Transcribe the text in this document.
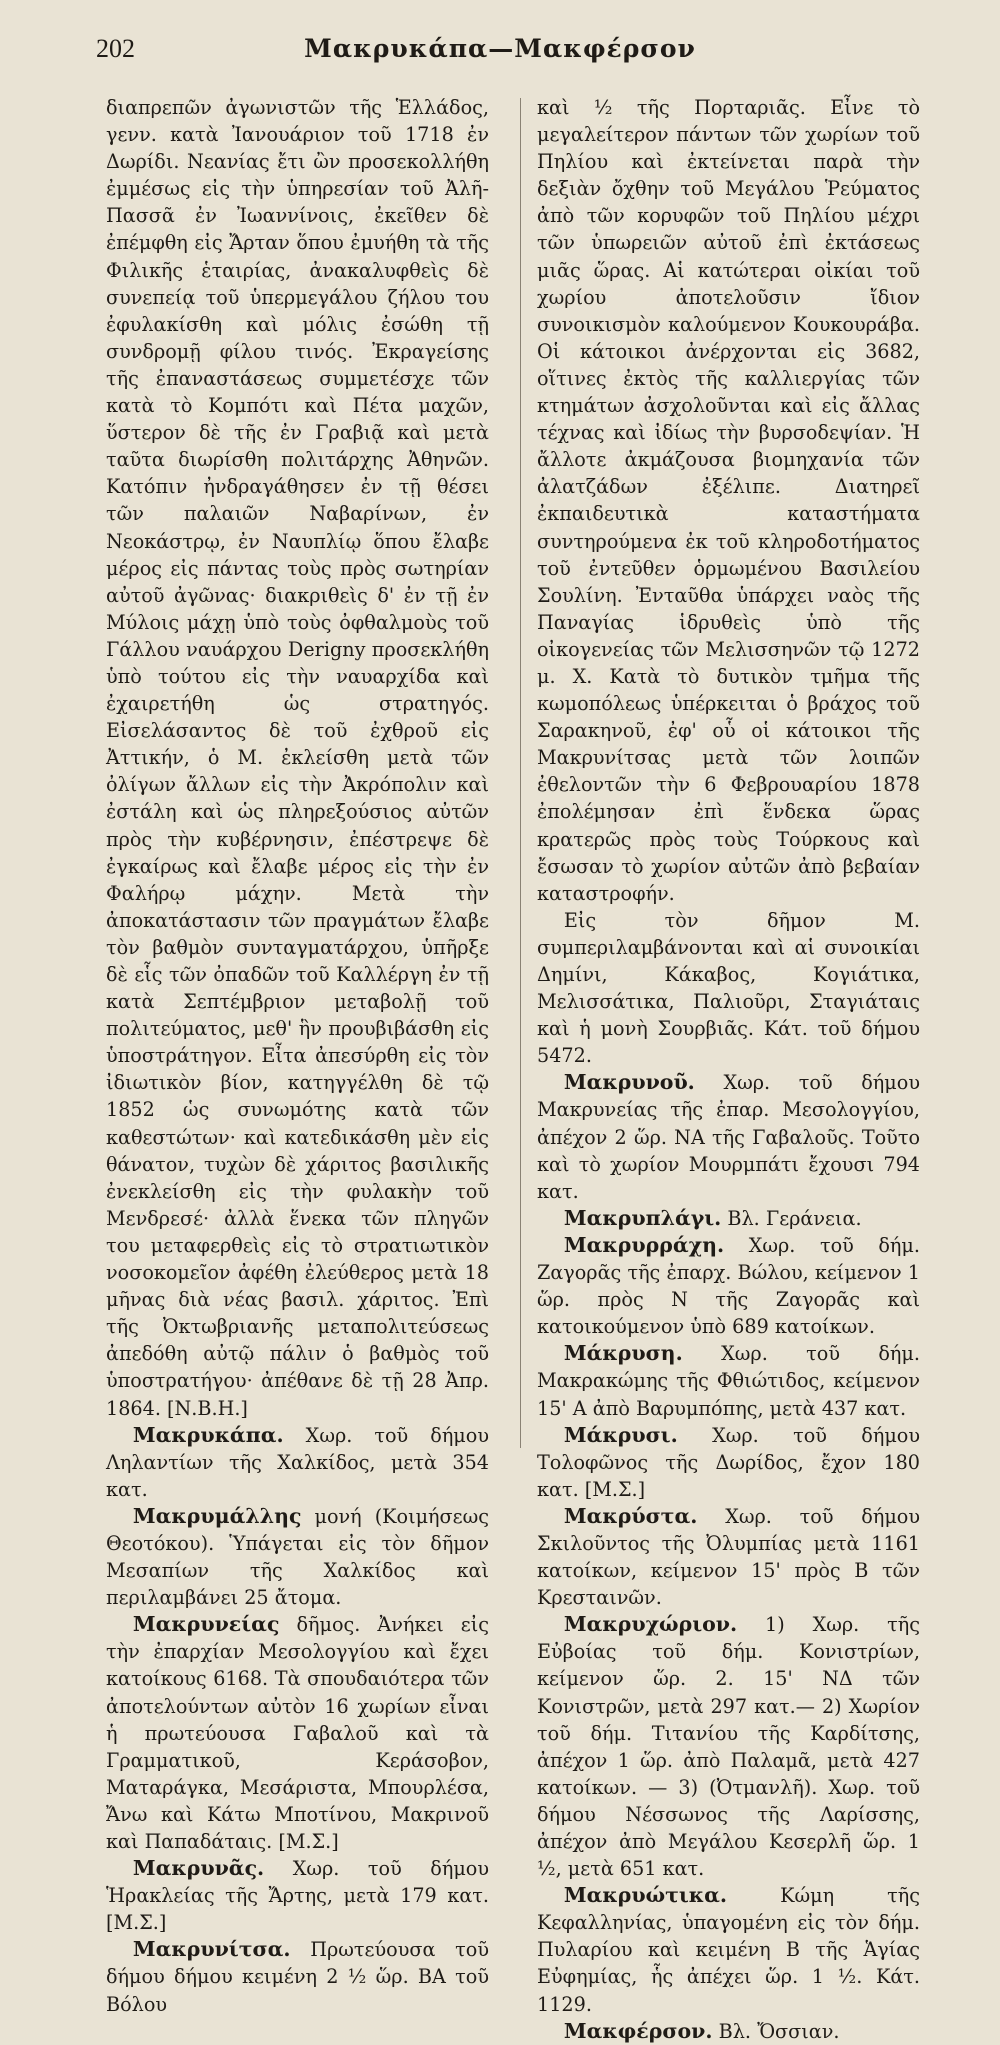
202	Μακρυκάπα—Μακφέρσον

διαπρεπῶν ἀγωνιστῶν τῆς Ἑλλάδος, γενν. κατὰ Ἰανουάριον τοῦ 1718 ἐν Δωρίδι. Νεανίας ἔτι ὢν προσεκολλήθη ἐμμέσως εἰς τὴν ὑπηρεσίαν τοῦ Ἀλῆ-Πασσᾶ ἐν Ἰωαννίνοις, ἐκεῖθεν δὲ ἐπέμφθη εἰς Ἄρταν ὅπου ἐμυήθη τὰ τῆς Φιλικῆς ἑταιρίας, ἀνακαλυφθεὶς δὲ συνεπείᾳ τοῦ ὑπερμεγάλου ζήλου του ἐφυλακίσθη καὶ μόλις ἐσώθη τῇ συνδρομῇ φίλου τινός. Ἐκραγείσης τῆς ἐπαναστάσεως συμμετέσχε τῶν κατὰ τὸ Κομπότι καὶ Πέτα μαχῶν, ὕστερον δὲ τῆς ἐν Γραβιᾷ καὶ μετὰ ταῦτα διωρίσθη πολιτάρχης Ἀθηνῶν. Κατόπιν ἠνδραγάθησεν ἐν τῇ θέσει τῶν παλαιῶν Ναβαρίνων, ἐν Νεοκάστρῳ, ἐν Ναυπλίῳ ὅπου ἔλαβε μέρος εἰς πάντας τοὺς πρὸς σωτηρίαν αὐτοῦ ἀγῶνας· διακριθεὶς δ' ἐν τῇ ἐν Μύλοις μάχῃ ὑπὸ τοὺς ὀφθαλμοὺς τοῦ Γάλλου ναυάρχου Derigny προσεκλήθη ὑπὸ τούτου εἰς τὴν ναυαρχίδα καὶ ἐχαιρετήθη ὡς στρατηγός. Εἰσελάσαντος δὲ τοῦ ἐχθροῦ εἰς Ἀττικήν, ὁ Μ. ἐκλείσθη μετὰ τῶν ὀλίγων ἄλλων εἰς τὴν Ἀκρόπολιν καὶ ἐστάλη καὶ ὡς πληρεξούσιος αὐτῶν πρὸς τὴν κυβέρνησιν, ἐπέστρεψε δὲ ἐγκαίρως καὶ ἔλαβε μέρος εἰς τὴν ἐν Φαλήρῳ μάχην. Μετὰ τὴν ἀποκατάστασιν τῶν πραγμάτων ἔλαβε τὸν βαθμὸν συνταγματάρχου, ὑπῆρξε δὲ εἷς τῶν ὀπαδῶν τοῦ Καλλέργη ἐν τῇ κατὰ Σεπτέμβριον μεταβολῇ τοῦ πολιτεύματος, μεθ' ἣν προυβιβάσθη εἰς ὑποστράτηγον. Εἶτα ἀπεσύρθη εἰς τὸν ἰδιωτικὸν βίον, κατηγγέλθη δὲ τῷ 1852 ὡς συνωμότης κατὰ τῶν καθεστώτων· καὶ κατεδικάσθη μὲν εἰς θάνατον, τυχὼν δὲ χάριτος βασιλικῆς ἐνεκλείσθη εἰς τὴν φυλακὴν τοῦ Μενδρεσέ· ἀλλὰ ἕνεκα τῶν πληγῶν του μεταφερθεὶς εἰς τὸ στρατιωτικὸν νοσοκομεῖον ἀφέθη ἐλεύθερος μετὰ 18 μῆνας διὰ νέας βασιλ. χάριτος. Ἐπὶ τῆς Ὀκτωβριανῆς μεταπολιτεύσεως ἀπεδόθη αὐτῷ πάλιν ὁ βαθμὸς τοῦ ὑποστρατήγου· ἀπέθανε δὲ τῇ 28 Ἀπρ. 1864. [Ν.Β.Η.]

Μακρυκάπα. Χωρ. τοῦ δήμου Ληλαντίων τῆς Χαλκίδος, μετὰ 354 κατ.

Μακρυμάλλης μονή (Κοιμήσεως Θεοτόκου). Ὑπάγεται εἰς τὸν δῆμον Μεσαπίων τῆς Χαλκίδος καὶ περιλαμβάνει 25 ἄτομα.

Μακρυνείας δῆμος. Ἀνήκει εἰς τὴν ἐπαρχίαν Μεσολογγίου καὶ ἔχει κατοίκους 6168. Τὰ σπουδαιότερα τῶν ἀποτελούντων αὐτὸν 16 χωρίων εἶναι ἡ πρωτεύουσα Γαβαλοῦ καὶ τὰ Γραμματικοῦ, Κεράσοβον, Ματαράγκα, Μεσάριστα, Μπουρλέσα, Ἄνω καὶ Κάτω Μποτίνου, Μακρινοῦ καὶ Παπαδάταις. [Μ.Σ.]

Μακρυνᾶς. Χωρ. τοῦ δήμου Ἡρακλείας τῆς Ἄρτης, μετὰ 179 κατ. [Μ.Σ.]

Μακρυνίτσα. Πρωτεύουσα τοῦ δήμου δήμου κειμένη 2 ½ ὥρ. ΒΑ τοῦ Βόλου

καὶ ½ τῆς Πορταριᾶς. Εἶνε τὸ μεγαλείτερον πάντων τῶν χωρίων τοῦ Πηλίου καὶ ἐκτείνεται παρὰ τὴν δεξιὰν ὄχθην τοῦ Μεγάλου Ῥεύματος ἀπὸ τῶν κορυφῶν τοῦ Πηλίου μέχρι τῶν ὑπωρειῶν αὐτοῦ ἐπὶ ἐκτάσεως μιᾶς ὥρας. Αἱ κατώτεραι οἰκίαι τοῦ χωρίου ἀποτελοῦσιν ἴδιον συνοικισμὸν καλούμενον Κουκουράβα. Οἱ κάτοικοι ἀνέρχονται εἰς 3682, οἵτινες ἐκτὸς τῆς καλλιεργίας τῶν κτημάτων ἀσχολοῦνται καὶ εἰς ἄλλας τέχνας καὶ ἰδίως τὴν βυρσοδεψίαν. Ἡ ἄλλοτε ἀκμάζουσα βιομηχανία τῶν ἀλατζάδων ἐξέλιπε. Διατηρεῖ ἐκπαιδευτικὰ καταστήματα συντηρούμενα ἐκ τοῦ κληροδοτήματος τοῦ ἐντεῦθεν ὁρμωμένου Βασιλείου Σουλίνη. Ἐνταῦθα ὑπάρχει ναὸς τῆς Παναγίας ἱδρυθεὶς ὑπὸ τῆς οἰκογενείας τῶν Μελισσηνῶν τῷ 1272 μ. Χ. Κατὰ τὸ δυτικὸν τμῆμα τῆς κωμοπόλεως ὑπέρκειται ὁ βράχος τοῦ Σαρακηνοῦ, ἐφ' οὗ οἱ κάτοικοι τῆς Μακρυνίτσας μετὰ τῶν λοιπῶν ἐθελοντῶν τὴν 6 Φεβρουαρίου 1878 ἐπολέμησαν ἐπὶ ἕνδεκα ὥρας κρατερῶς πρὸς τοὺς Τούρκους καὶ ἔσωσαν τὸ χωρίον αὐτῶν ἀπὸ βεβαίαν καταστροφήν.

Εἰς τὸν δῆμον Μ. συμπεριλαμβάνονται καὶ αἱ συνοικίαι Δημίνι, Κάκαβος, Κογιάτικα, Μελισσάτικα, Παλιοῦρι, Σταγιάταις καὶ ἡ μονὴ Σουρβιᾶς. Κάτ. τοῦ δήμου 5472.

Μακρυνοῦ. Χωρ. τοῦ δήμου Μακρυνείας τῆς ἐπαρ. Μεσολογγίου, ἀπέχον 2 ὥρ. ΝΑ τῆς Γαβαλοῦς. Τοῦτο καὶ τὸ χωρίον Μουρμπάτι ἔχουσι 794 κατ.

Μακρυπλάγι. Βλ. Γεράνεια.

Μακρυρράχη. Χωρ. τοῦ δήμ. Ζαγορᾶς τῆς ἐπαρχ. Βώλου, κείμενον 1 ὥρ. πρὸς Ν τῆς Ζαγορᾶς καὶ κατοικούμενον ὑπὸ 689 κατοίκων.

Μάκρυση. Χωρ. τοῦ δήμ. Μακρακώμης τῆς Φθιώτιδος, κείμενον 15' Α ἀπὸ Βαρυμπόπης, μετὰ 437 κατ.

Μάκρυσι. Χωρ. τοῦ δήμου Τολοφῶνος τῆς Δωρίδος, ἔχον 180 κατ. [Μ.Σ.]

Μακρύστα. Χωρ. τοῦ δήμου Σκιλοῦντος τῆς Ὀλυμπίας μετὰ 1161 κατοίκων, κείμενον 15' πρὸς Β τῶν Κρεσταινῶν.

Μακρυχώριον. 1) Χωρ. τῆς Εὐβοίας τοῦ δήμ. Κονιστρίων, κείμενον ὥρ. 2. 15' ΝΔ τῶν Κονιστρῶν, μετὰ 297 κατ.— 2) Χωρίον τοῦ δήμ. Τιτανίου τῆς Καρδίτσης, ἀπέχον 1 ὥρ. ἀπὸ Παλαμᾶ, μετὰ 427 κατοίκων. — 3) (Ὀτμανλῆ). Χωρ. τοῦ δήμου Νέσσωνος τῆς Λαρίσσης, ἀπέχον ἀπὸ Μεγάλου Κεσερλῆ ὥρ. 1 ½, μετὰ 651 κατ.

Μακρυώτικα.	Κώμη τῆς Κεφαλληνίας, ὑπαγομένη εἰς τὸν δήμ. Πυλαρίου καὶ κειμένη Β τῆς Ἁγίας Εὐφημίας, ἧς ἀπέχει ὥρ. 1 ½. Κάτ. 1129.

Μακφέρσον. Βλ. Ὄσσιαν.
